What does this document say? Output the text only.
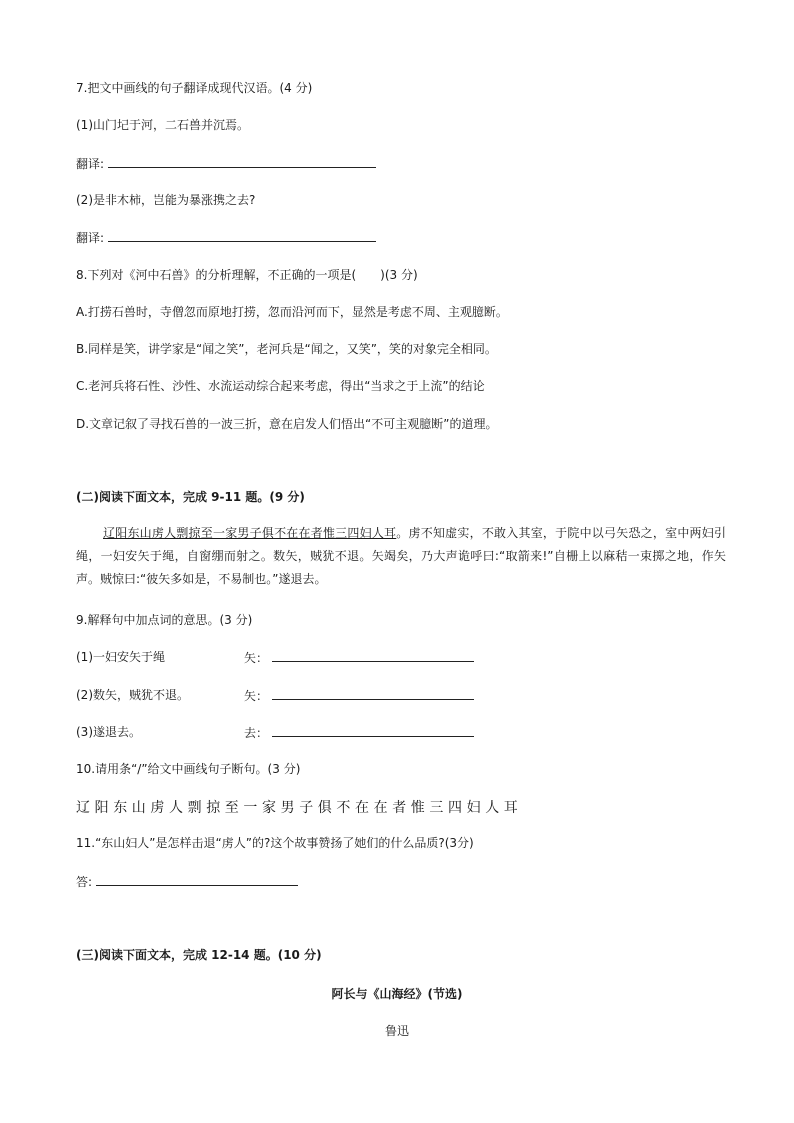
7.把文中画线的句子翻译成现代汉语。(4 分)
(1)山门圮于河，二石兽并沉焉。
翻译:
(2)是非木柿，岂能为暴涨携之去?
翻译:
8.下列对《河中石兽》的分析理解，不正确的一项是(　　)(3 分)
A.打捞石兽时，寺僧忽而原地打捞，忽而沿河而下，显然是考虑不周、主观臆断。
B.同样是笑，讲学家是“闻之笑”，老河兵是“闻之，又笑”，笑的对象完全相同。
C.老河兵将石性、沙性、水流运动综合起来考虑，得出“当求之于上流”的结论
D.文章记叙了寻找石兽的一波三折，意在启发人们悟出“不可主观臆断”的道理。
(二)阅读下面文本，完成 9-11 题。(9 分)
辽阳东山虏人剽掠至一家男子俱不在在者惟三四妇人耳。虏不知虚实，不敢入其室，于院中以弓矢恐之，室中两妇引绳，一妇安矢于绳，自窗绷而射之。数矢，贼犹不退。矢竭矣，乃大声诡呼曰:“取箭来!”自栅上以麻秸一束掷之地，作矢声。贼惊曰:“彼矢多如是，不易制也。”遂退去。
9.解释句中加点词的意思。(3 分)
(1)一妇安矢于绳	矢：
(2)数矢，贼犹不退。	矢：
(3)遂退去。	去：
10.请用条“/”给文中画线句子断句。(3 分)
辽阳东山虏人剽掠至一家男子俱不在在者惟三四妇人耳
11.“东山妇人”是怎样击退“虏人”的?这个故事赞扬了她们的什么品质?(3分)
答:
(三)阅读下面文本，完成 12-14 题。(10 分)
阿长与《山海经》(节选)
鲁迅
